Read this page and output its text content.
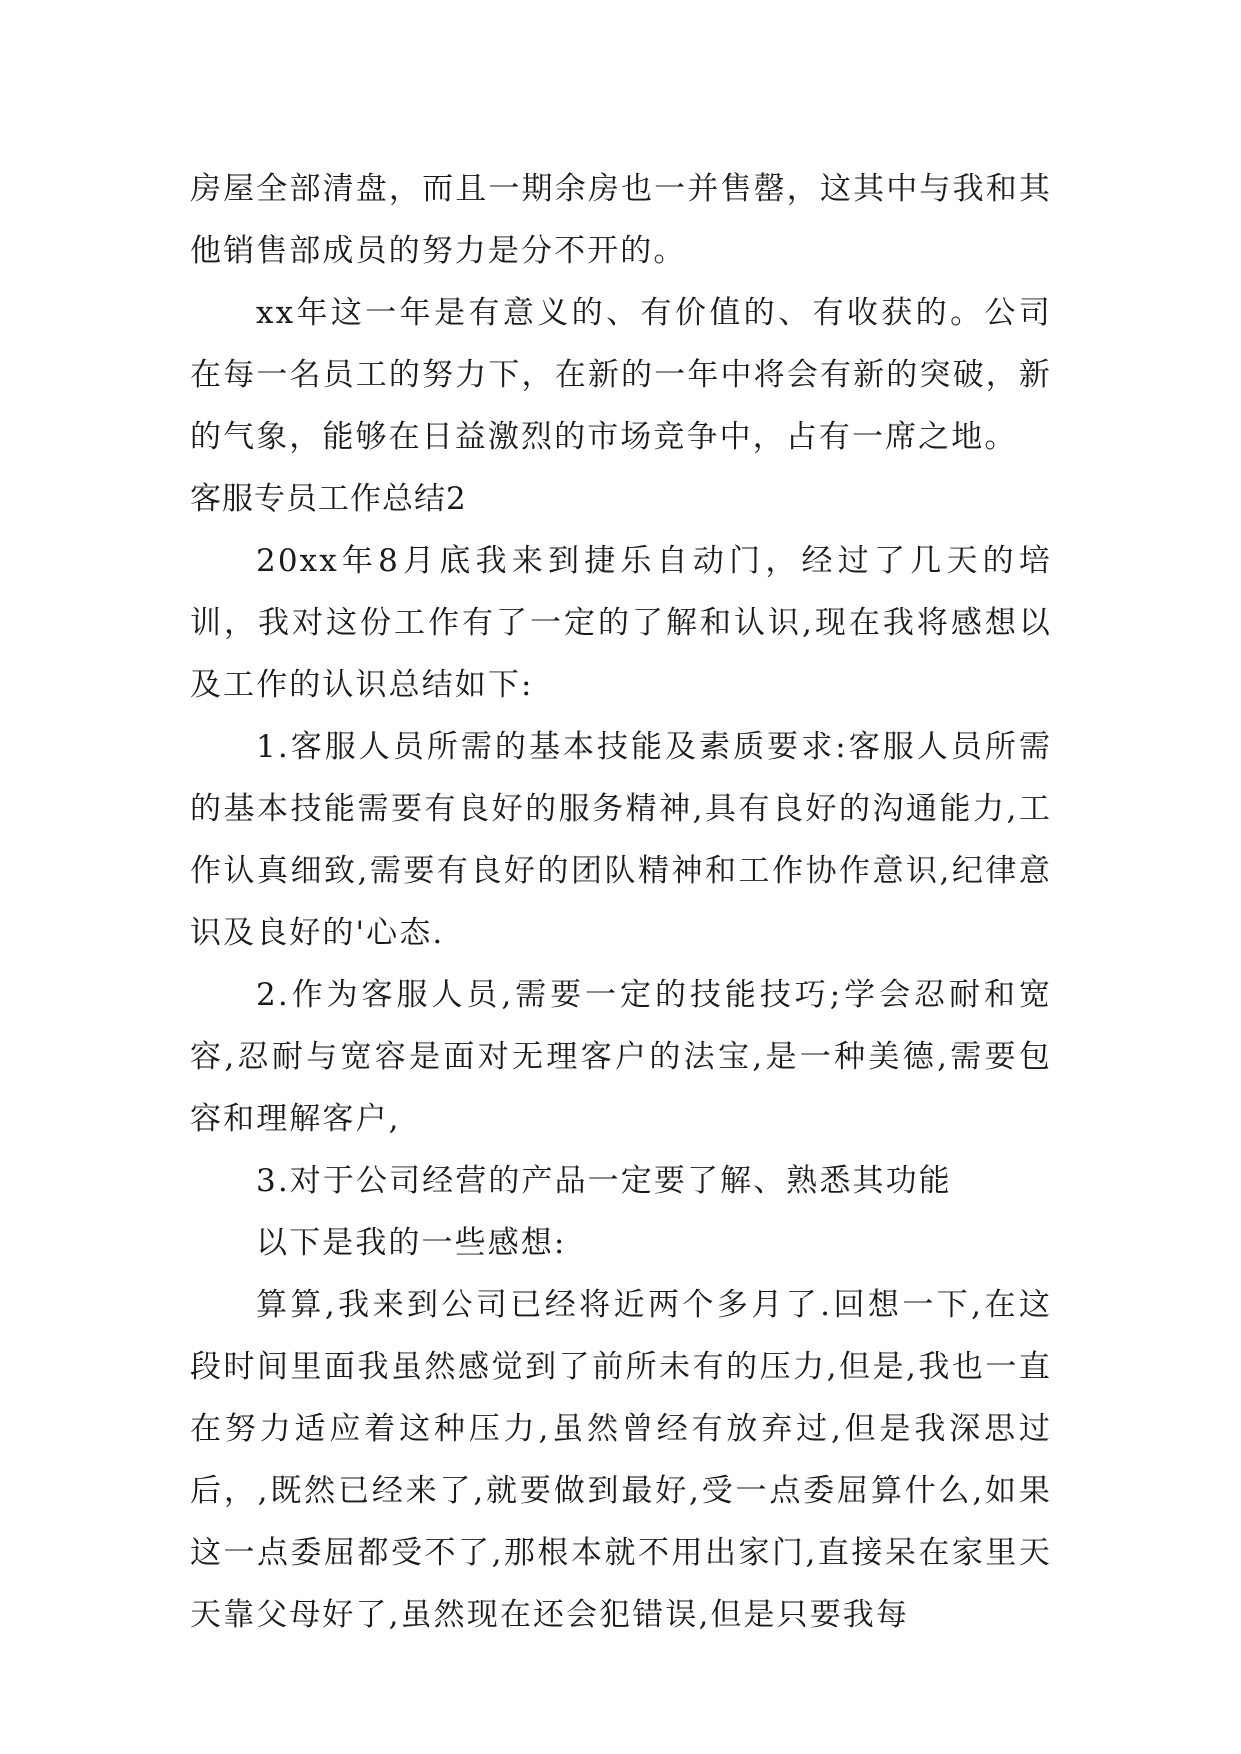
房屋全部清盘，而且一期余房也一并售罄，这其中与我和其他销售部成员的努力是分不开的。

xx年这一年是有意义的、有价值的、有收获的。公司在每一名员工的努力下，在新的一年中将会有新的突破，新的气象，能够在日益激烈的市场竞争中，占有一席之地。

客服专员工作总结2

20xx年8月底我来到捷乐自动门，经过了几天的培训，我对这份工作有了一定的了解和认识,现在我将感想以及工作的认识总结如下:

1.客服人员所需的基本技能及素质要求:客服人员所需的基本技能需要有良好的服务精神,具有良好的沟通能力,工作认真细致,需要有良好的团队精神和工作协作意识,纪律意识及良好的'心态.

2.作为客服人员,需要一定的技能技巧;学会忍耐和宽容,忍耐与宽容是面对无理客户的法宝,是一种美德,需要包容和理解客户,

3.对于公司经营的产品一定要了解、熟悉其功能

以下是我的一些感想:

算算,我来到公司已经将近两个多月了.回想一下,在这段时间里面我虽然感觉到了前所未有的压力,但是,我也一直在努力适应着这种压力,虽然曾经有放弃过,但是我深思过后，,既然已经来了,就要做到最好,受一点委屈算什么,如果这一点委屈都受不了,那根本就不用出家门,直接呆在家里天天靠父母好了,虽然现在还会犯错误,但是只要我每
